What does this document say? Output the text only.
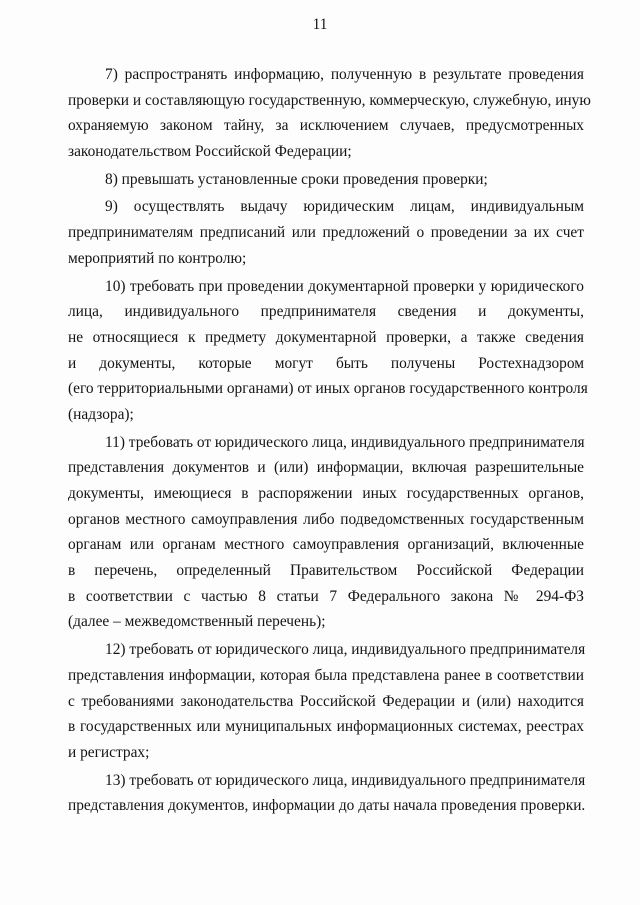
11
7) распространять информацию, полученную в результате проведения
проверки и составляющую государственную, коммерческую, служебную, иную
охраняемую законом тайну, за исключением случаев, предусмотренных
законодательством Российской Федерации;
8) превышать установленные сроки проведения проверки;
9) осуществлять выдачу юридическим лицам, индивидуальным
предпринимателям предписаний или предложений о проведении за их счет
мероприятий по контролю;
10) требовать при проведении документарной проверки у юридического
лица, индивидуального предпринимателя сведения и документы,
не относящиеся к предмету документарной проверки, а также сведения
и документы, которые могут быть получены Ростехнадзором
(его территориальными органами) от иных органов государственного контроля
(надзора);
11) требовать от юридического лица, индивидуального предпринимателя
представления документов и (или) информации, включая разрешительные
документы, имеющиеся в распоряжении иных государственных органов,
органов местного самоуправления либо подведомственных государственным
органам или органам местного самоуправления организаций, включенные
в перечень, определенный Правительством Российской Федерации
в соответствии с частью 8 статьи 7 Федерального закона № 294-ФЗ
(далее – межведомственный перечень);
12) требовать от юридического лица, индивидуального предпринимателя
представления информации, которая была представлена ранее в соответствии
с требованиями законодательства Российской Федерации и (или) находится
в государственных или муниципальных информационных системах, реестрах
и регистрах;
13) требовать от юридического лица, индивидуального предпринимателя
представления документов, информации до даты начала проведения проверки.
